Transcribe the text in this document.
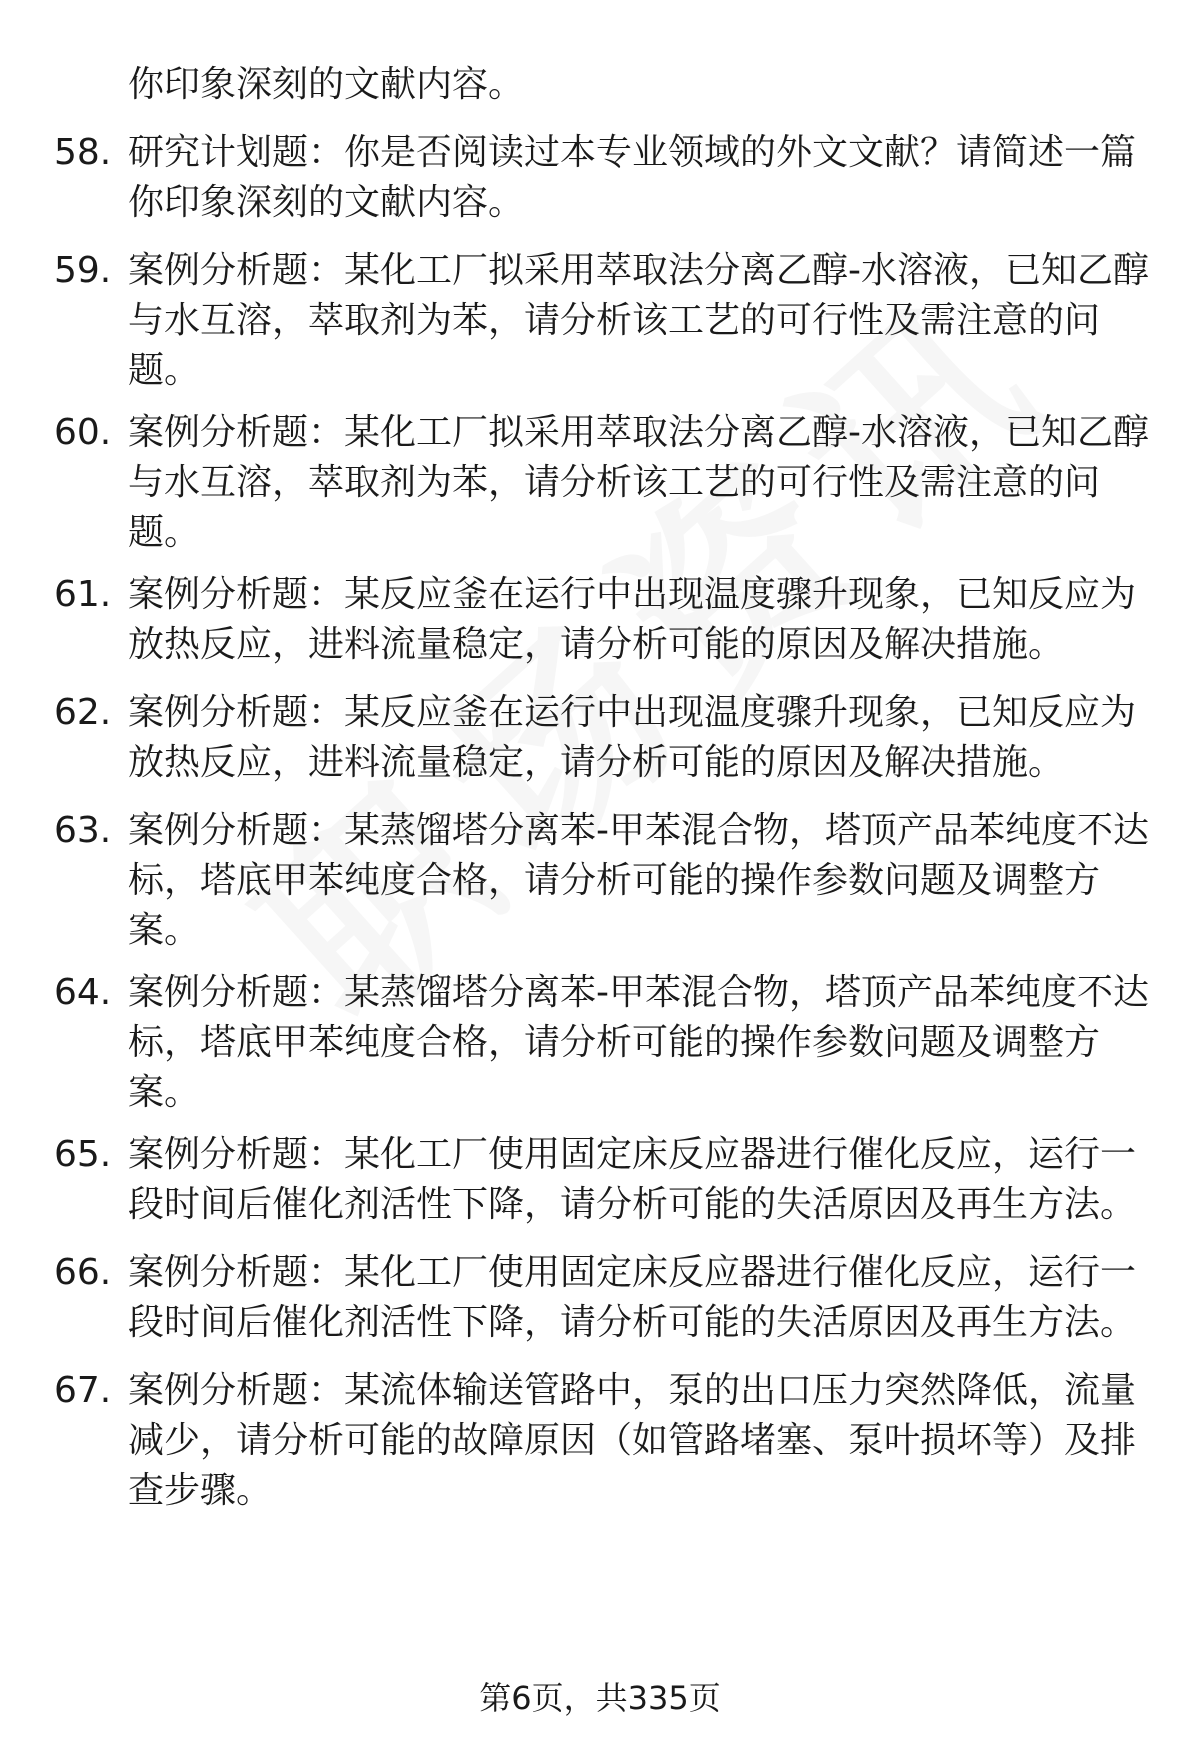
你印象深刻的文献内容。

58. 研究计划题：你是否阅读过本专业领域的外文文献？请简述一篇
你印象深刻的文献内容。
59. 案例分析题：某化工厂拟采用萃取法分离乙醇-水溶液，已知乙醇
与水互溶，萃取剂为苯，请分析该工艺的可行性及需注意的问
题。
60. 案例分析题：某化工厂拟采用萃取法分离乙醇-水溶液，已知乙醇
与水互溶，萃取剂为苯，请分析该工艺的可行性及需注意的问
题。
61. 案例分析题：某反应釜在运行中出现温度骤升现象，已知反应为
放热反应，进料流量稳定，请分析可能的原因及解决措施。
62. 案例分析题：某反应釜在运行中出现温度骤升现象，已知反应为
放热反应，进料流量稳定，请分析可能的原因及解决措施。
63. 案例分析题：某蒸馏塔分离苯-甲苯混合物，塔顶产品苯纯度不达
标，塔底甲苯纯度合格，请分析可能的操作参数问题及调整方
案。
64. 案例分析题：某蒸馏塔分离苯-甲苯混合物，塔顶产品苯纯度不达
标，塔底甲苯纯度合格，请分析可能的操作参数问题及调整方
案。
65. 案例分析题：某化工厂使用固定床反应器进行催化反应，运行一
段时间后催化剂活性下降，请分析可能的失活原因及再生方法。
66. 案例分析题：某化工厂使用固定床反应器进行催化反应，运行一
段时间后催化剂活性下降，请分析可能的失活原因及再生方法。
67. 案例分析题：某流体输送管路中，泵的出口压力突然降低，流量
减少，请分析可能的故障原因（如管路堵塞、泵叶损坏等）及排
查步骤。
第6页，共335页
